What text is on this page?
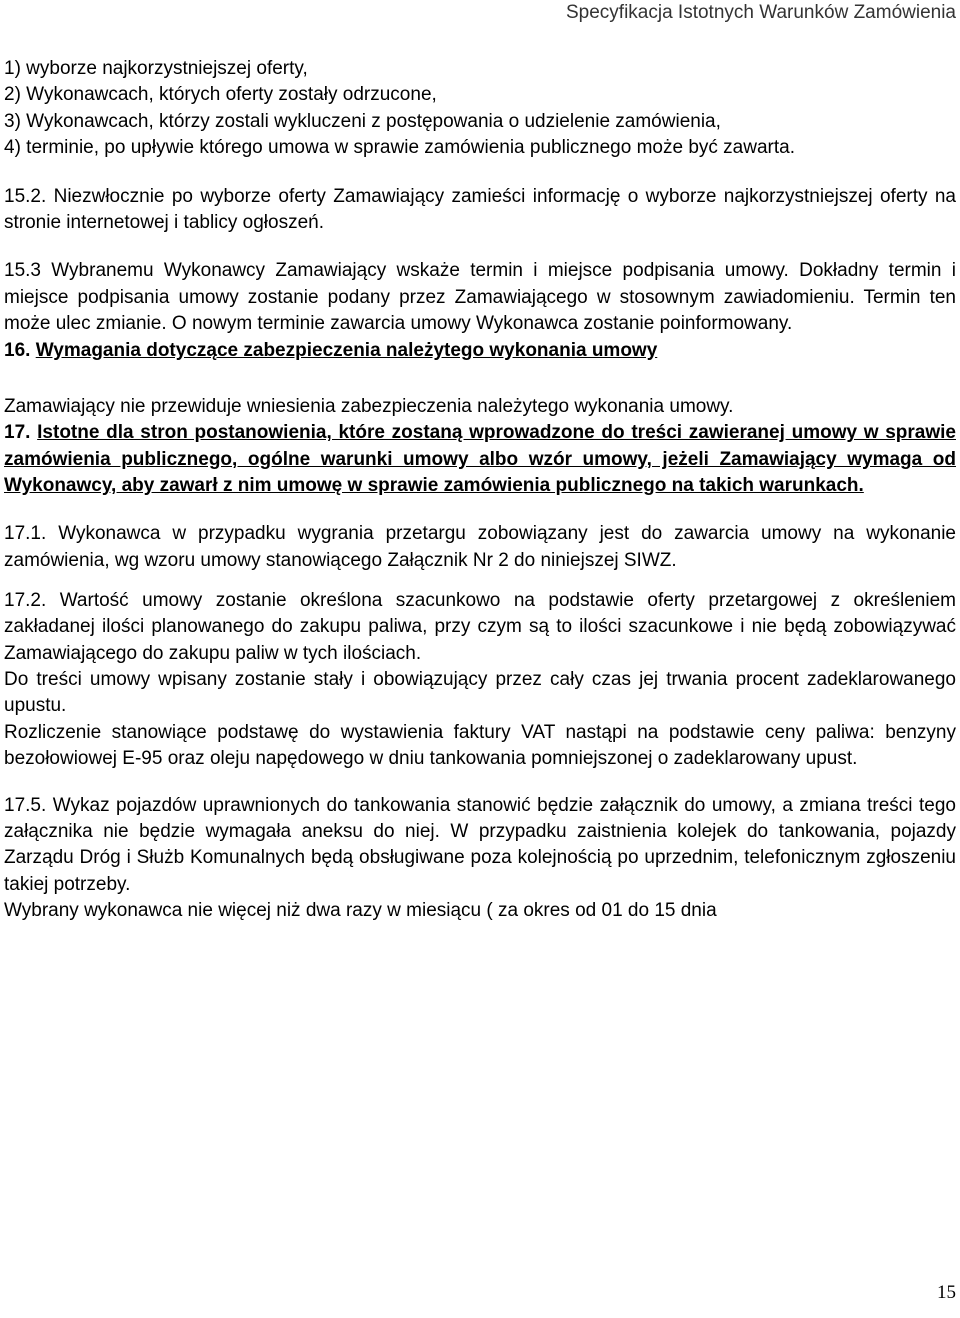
Specyfikacja Istotnych Warunków Zamówienia

1) wyborze najkorzystniejszej oferty,

2) Wykonawcach, których oferty zostały odrzucone,

3) Wykonawcach, którzy zostali wykluczeni z postępowania o udzielenie zamówienia,

4) terminie, po upływie którego umowa w sprawie zamówienia publicznego może być zawarta.

15.2. Niezwłocznie po wyborze oferty Zamawiający zamieści informację o wyborze najkorzystniejszej oferty na stronie internetowej i tablicy ogłoszeń.

15.3 Wybranemu Wykonawcy Zamawiający wskaże termin i miejsce podpisania umowy. Dokładny termin i miejsce podpisania umowy zostanie podany przez Zamawiającego w stosownym zawiadomieniu. Termin ten może ulec zmianie. O nowym terminie zawarcia umowy Wykonawca zostanie poinformowany.

16. Wymagania dotyczące zabezpieczenia należytego wykonania umowy

Zamawiający nie przewiduje wniesienia zabezpieczenia należytego wykonania umowy.

17. Istotne dla stron postanowienia, które zostaną wprowadzone do treści zawieranej umowy w sprawie zamówienia publicznego, ogólne warunki umowy albo wzór umowy, jeżeli Zamawiający wymaga od Wykonawcy, aby zawarł z nim umowę w sprawie zamówienia publicznego na takich warunkach.

17.1. Wykonawca w przypadku wygrania przetargu zobowiązany jest do zawarcia umowy na wykonanie zamówienia, wg wzoru umowy stanowiącego Załącznik Nr 2 do niniejszej SIWZ.

17.2. Wartość umowy zostanie określona szacunkowo na podstawie oferty przetargowej z określeniem zakładanej ilości planowanego do zakupu paliwa, przy czym są to ilości szacunkowe i nie będą zobowiązywać Zamawiającego do zakupu paliw w tych ilościach.

Do treści umowy wpisany zostanie stały i obowiązujący przez cały czas jej trwania procent zadeklarowanego upustu.

Rozliczenie stanowiące podstawę do wystawienia faktury VAT nastąpi na podstawie ceny paliwa: benzyny bezołowiowej E-95 oraz oleju napędowego w dniu tankowania pomniejszonej o zadeklarowany upust.

17.5. Wykaz pojazdów uprawnionych do tankowania stanowić będzie załącznik do umowy, a zmiana treści tego załącznika nie będzie wymagała aneksu do niej. W przypadku zaistnienia kolejek do tankowania, pojazdy Zarządu Dróg i Służb Komunalnych będą obsługiwane poza kolejnością po uprzednim, telefonicznym zgłoszeniu takiej potrzeby.

Wybrany wykonawca nie więcej niż dwa razy w miesiącu ( za okres od 01 do 15 dnia

15
